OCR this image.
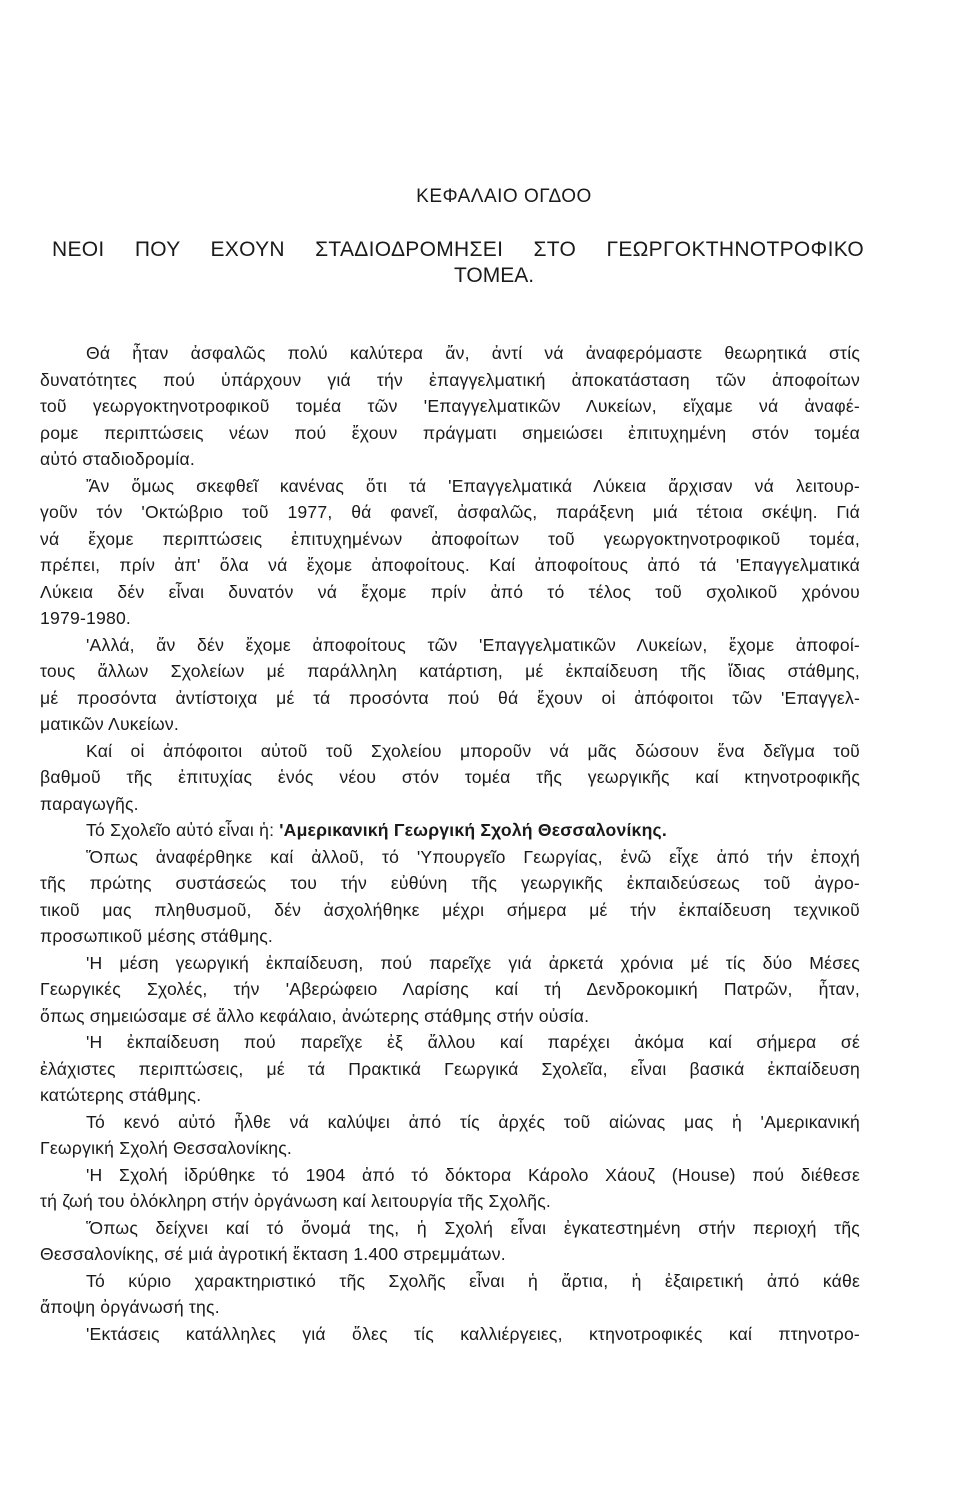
ΚΕΦΑΛΑΙΟ ΟΓΔΟΟ
ΝΕΟΙ ΠΟΥ ΕΧΟΥΝ ΣΤΑΔΙΟΔΡΟΜΗΣΕΙ ΣΤΟ ΓΕΩΡΓΟΚΤΗΝΟΤΡΟΦΙΚΟ
ΤΟΜΕΑ.
Θά ἦταν ἀσφαλῶς πολύ καλύτερα ἄν, ἀντί νά ἀναφερόμαστε θεωρητικά στίς
δυνατότητες πού ὑπάρχουν γιά τήν ἐπαγγελματική ἀποκατάσταση τῶν ἀποφοίτων
τοῦ γεωργοκτηνοτροφικοῦ τομέα τῶν 'Επαγγελματικῶν Λυκείων, εἴχαμε νά ἀναφέ-
ρομε περιπτώσεις νέων πού ἔχουν πράγματι σημειώσει ἐπιτυχημένη στόν τομέα
αὐτό σταδιοδρομία.
Ἄν ὅμως σκεφθεῖ κανένας ὅτι τά 'Επαγγελματικά Λύκεια ἄρχισαν νά λειτουρ-
γοῦν τόν 'Οκτώβριο τοῦ 1977, θά φανεῖ, ἀσφαλῶς, παράξενη μιά τέτοια σκέψη. Γιά
νά ἔχομε περιπτώσεις ἐπιτυχημένων ἀποφοίτων τοῦ γεωργοκτηνοτροφικοῦ τομέα,
πρέπει, πρίν ἀπ' ὅλα νά ἔχομε ἀποφοίτους. Καί ἀποφοίτους ἀπό τά 'Επαγγελματικά
Λύκεια δέν εἶναι δυνατόν νά ἔχομε πρίν ἀπό τό τέλος τοῦ σχολικοῦ χρόνου
1979-1980.
'Αλλά, ἄν δέν ἔχομε ἀποφοίτους τῶν 'Επαγγελματικῶν Λυκείων, ἔχομε ἀποφοί-
τους ἄλλων Σχολείων μέ παράλληλη κατάρτιση, μέ ἐκπαίδευση τῆς ἴδιας στάθμης,
μέ προσόντα ἀντίστοιχα μέ τά προσόντα πού θά ἔχουν οἱ ἀπόφοιτοι τῶν 'Επαγγελ-
ματικῶν Λυκείων.
Καί οἱ ἀπόφοιτοι αὐτοῦ τοῦ Σχολείου μποροῦν νά μᾶς δώσουν ἕνα δεῖγμα τοῦ
βαθμοῦ τῆς ἐπιτυχίας ἑνός νέου στόν τομέα τῆς γεωργικῆς καί κτηνοτροφικῆς
παραγωγῆς.
Τό Σχολεῖο αὐτό εἶναι ἡ: 'Αμερικανική Γεωργική Σχολή Θεσσαλονίκης.
Ὅπως ἀναφέρθηκε καί ἀλλοῦ, τό 'Υπουργεῖο Γεωργίας, ἐνῶ εἶχε ἀπό τήν ἐποχή
τῆς πρώτης συστάσεώς του τήν εὐθύνη τῆς γεωργικῆς ἐκπαιδεύσεως τοῦ ἀγρο-
τικοῦ μας πληθυσμοῦ, δέν ἀσχολήθηκε μέχρι σήμερα μέ τήν ἐκπαίδευση τεχνικοῦ
προσωπικοῦ μέσης στάθμης.
'Η μέση γεωργική ἐκπαίδευση, πού παρεῖχε γιά ἀρκετά χρόνια μέ τίς δύο Μέσες
Γεωργικές Σχολές, τήν 'Αβερώφειο Λαρίσης καί τή Δενδροκομική Πατρῶν, ἦταν,
ὅπως σημειώσαμε σέ ἄλλο κεφάλαιο, ἀνώτερης στάθμης στήν οὐσία.
'Η ἐκπαίδευση πού παρεῖχε ἐξ ἄλλου καί παρέχει ἀκόμα καί σήμερα σέ
ἐλάχιστες περιπτώσεις, μέ τά Πρακτικά Γεωργικά Σχολεῖα, εἶναι βασικά ἐκπαίδευση
κατώτερης στάθμης.
Τό κενό αὐτό ἦλθε νά καλύψει ἀπό τίς ἀρχές τοῦ αἰώνας μας ἡ 'Αμερικανική
Γεωργική Σχολή Θεσσαλονίκης.
'Η Σχολή ἱδρύθηκε τό 1904 ἀπό τό δόκτορα Κάρολο Χάουζ (House) πού διέθεσε
τή ζωή του ὁλόκληρη στήν ὀργάνωση καί λειτουργία τῆς Σχολῆς.
Ὅπως δείχνει καί τό ὄνομά της, ἡ Σχολή εἶναι ἐγκατεστημένη στήν περιοχή τῆς
Θεσσαλονίκης, σέ μιά ἀγροτική ἔκταση 1.400 στρεμμάτων.
Τό κύριο χαρακτηριστικό τῆς Σχολῆς εἶναι ἡ ἄρτια, ἡ ἐξαιρετική ἀπό κάθε
ἄποψη ὀργάνωσή της.
'Εκτάσεις κατάλληλες γιά ὅλες τίς καλλιέργειες, κτηνοτροφικές καί πτηνοτρο-
